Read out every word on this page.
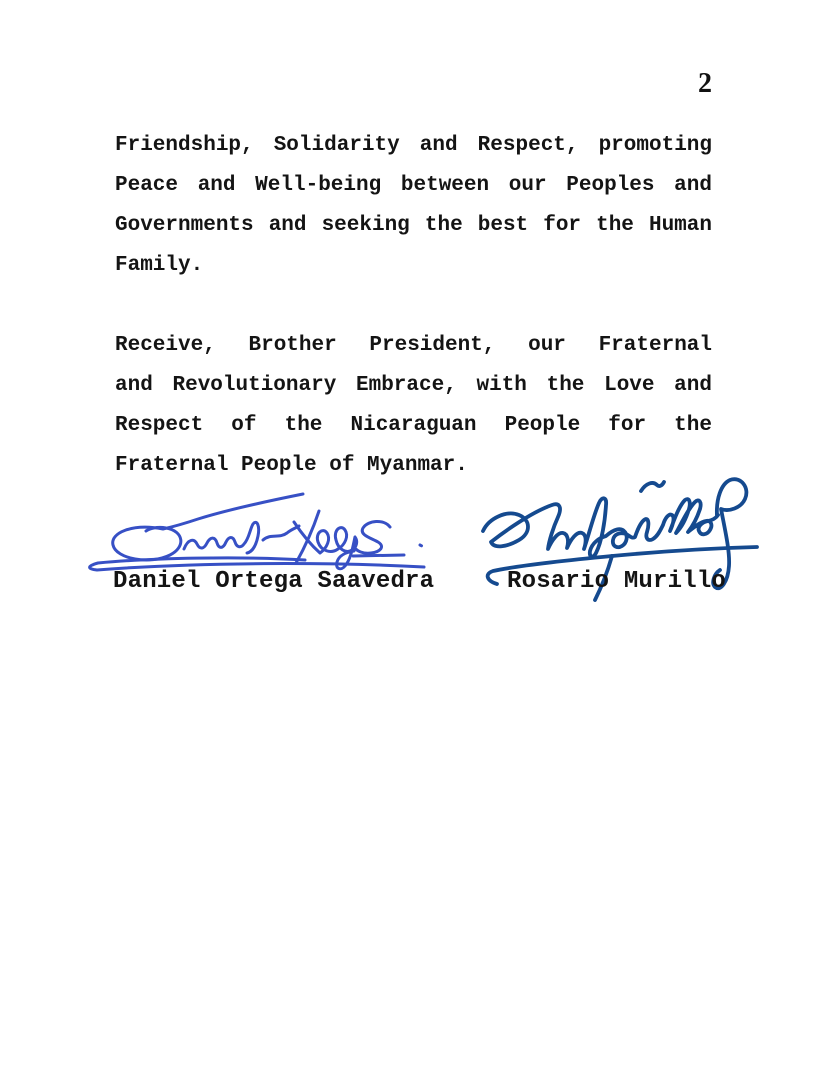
2
Friendship, Solidarity and Respect, promoting
Peace and Well-being between our Peoples and
Governments and seeking the best for the Human
Family.
Receive, Brother President, our Fraternal
and Revolutionary Embrace, with the Love and
Respect of the Nicaraguan People for the
Fraternal People of Myanmar.
Daniel Ortega Saavedra	Rosario Murillo
